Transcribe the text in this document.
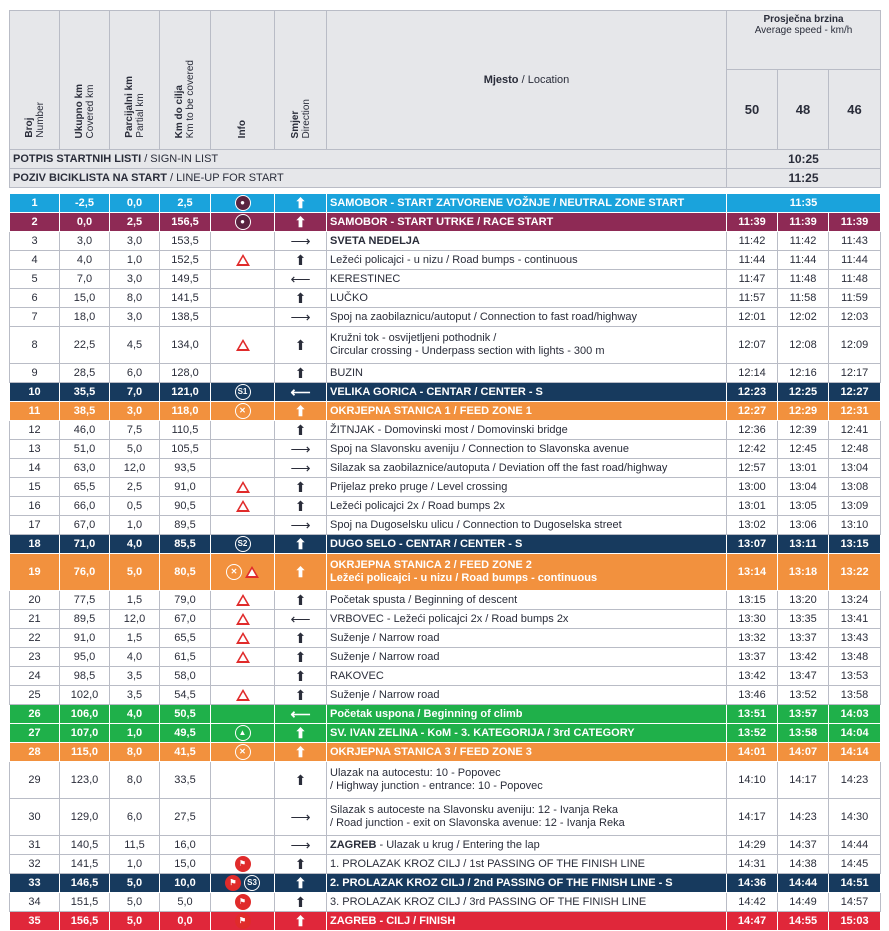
Broj Number	Ukupno km Covered km	Parcijalni km Partial km	Km do cilja Km to be covered	Info	Smjer Direction	Mjesto / Location	Prosječna brzina
Average speed - km/h		
							50	48	46
POTPIS STARTNIH LISTI / SIGN-IN LIST							10:25		
POZIV BICIKLISTA NA START / LINE-UP FOR START							11:25		

1	-2,5	0,0	2,5	●	⬆	SAMOBOR - START ZATVORENE VOŽNJE / NEUTRAL ZONE START	11:35		
2	0,0	2,5	156,5	●	⬆	SAMOBOR - START UTRKE / RACE START	11:39	11:39	11:39
3	3,0	3,0	153,5		⟶	SVETA NEDELJA	11:42	11:42	11:43
4	4,0	1,0	152,5		⬆	Ležeći policajci - u nizu / Road bumps - continuous	11:44	11:44	11:44
5	7,0	3,0	149,5		⟵	KERESTINEC	11:47	11:48	11:48
6	15,0	8,0	141,5		⬆	LUČKO	11:57	11:58	11:59
7	18,0	3,0	138,5		⟶	Spoj na zaobilaznicu/autoput / Connection to fast road/highway	12:01	12:02	12:03
8	22,5	4,5	134,0		⬆	Kružni tok - osvijetljeni pothodnik /
Circular crossing - Underpass section with lights - 300 m	12:07	12:08	12:09
9	28,5	6,0	128,0		⬆	BUZIN	12:14	12:16	12:17
10	35,5	7,0	121,0	S1	⟵	VELIKA GORICA - CENTAR / CENTER - S	12:23	12:25	12:27
11	38,5	3,0	118,0	✕	⬆	OKRJEPNA STANICA 1 / FEED ZONE 1	12:27	12:29	12:31
12	46,0	7,5	110,5		⬆	ŽITNJAK - Domovinski most / Domovinski bridge	12:36	12:39	12:41
13	51,0	5,0	105,5		⟶	Spoj na Slavonsku aveniju / Connection to Slavonska avenue	12:42	12:45	12:48
14	63,0	12,0	93,5		⟶	Silazak sa zaobilaznice/autoputa / Deviation off the fast road/highway	12:57	13:01	13:04
15	65,5	2,5	91,0		⬆	Prijelaz preko pruge / Level crossing	13:00	13:04	13:08
16	66,0	0,5	90,5		⬆	Ležeći policajci 2x / Road bumps 2x	13:01	13:05	13:09
17	67,0	1,0	89,5		⟶	Spoj na Dugoselsku ulicu / Connection to Dugoselska street	13:02	13:06	13:10
18	71,0	4,0	85,5	S2	⬆	DUGO SELO - CENTAR / CENTER - S	13:07	13:11	13:15
19	76,0	5,0	80,5	✕	⬆	OKRJEPNA STANICA 2 / FEED ZONE 2
Ležeći policajci - u nizu / Road bumps - continuous	13:14	13:18	13:22
20	77,5	1,5	79,0		⬆	Početak spusta / Beginning of descent	13:15	13:20	13:24
21	89,5	12,0	67,0		⟵	VRBOVEC - Ležeći policajci 2x / Road bumps 2x	13:30	13:35	13:41
22	91,0	1,5	65,5		⬆	Suženje / Narrow road	13:32	13:37	13:43
23	95,0	4,0	61,5		⬆	Suženje / Narrow road	13:37	13:42	13:48
24	98,5	3,5	58,0		⬆	RAKOVEC	13:42	13:47	13:53
25	102,0	3,5	54,5		⬆	Suženje / Narrow road	13:46	13:52	13:58
26	106,0	4,0	50,5		⟵	Početak uspona / Beginning of climb	13:51	13:57	14:03
27	107,0	1,0	49,5	▲	⬆	SV. IVAN ZELINA - KoM - 3. KATEGORIJA / 3rd CATEGORY	13:52	13:58	14:04
28	115,0	8,0	41,5	✕	⬆	OKRJEPNA STANICA 3 / FEED ZONE 3	14:01	14:07	14:14
29	123,0	8,0	33,5		⬆	Ulazak na autocestu: 10 - Popovec
/ Highway junction - entrance: 10 - Popovec	14:10	14:17	14:23
30	129,0	6,0	27,5		⟶	Silazak s autoceste na Slavonsku aveniju: 12 - Ivanja Reka
/ Road junction - exit on Slavonska avenue: 12 - Ivanja Reka	14:17	14:23	14:30
31	140,5	11,5	16,0		⟶	ZAGREB - Ulazak u krug / Entering the lap	14:29	14:37	14:44
32	141,5	1,0	15,0	⚑	⬆	1. PROLAZAK KROZ CILJ / 1st PASSING OF THE FINISH LINE	14:31	14:38	14:45
33	146,5	5,0	10,0	⚑ S3	⬆	2. PROLAZAK KROZ CILJ / 2nd PASSING OF THE FINISH LINE - S	14:36	14:44	14:51
34	151,5	5,0	5,0	⚑	⬆	3. PROLAZAK KROZ CILJ / 3rd PASSING OF THE FINISH LINE	14:42	14:49	14:57
35	156,5	5,0	0,0	⚑	⬆	ZAGREB - CILJ / FINISH	14:47	14:55	15:03
